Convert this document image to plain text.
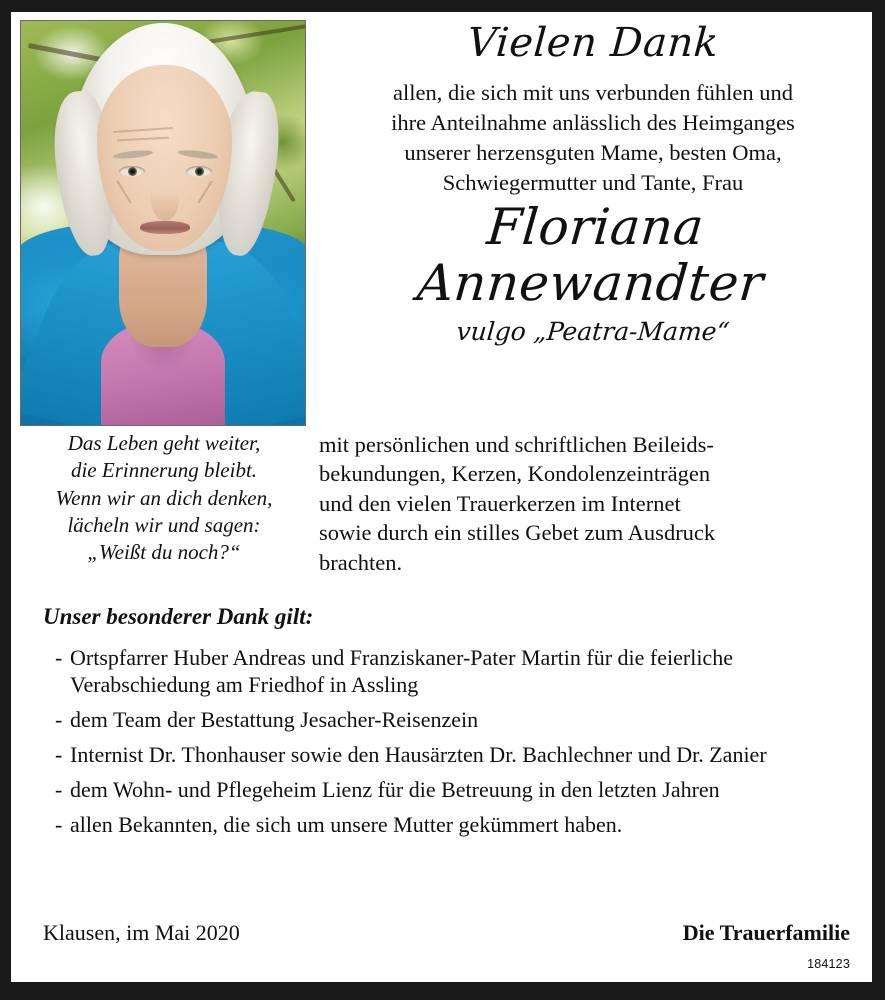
Vielen Dank
allen, die sich mit uns verbunden fühlen und
ihre Anteilnahme anlässlich des Heimganges
unserer herzensguten Mame, besten Oma,
Schwiegermutter und Tante, Frau
Floriana
Annewandter
vulgo „Peatra-Mame“
Das Leben geht weiter,
die Erinnerung bleibt.
Wenn wir an dich denken,
lächeln wir und sagen:
„Weißt du noch?“
mit persönlichen und schriftlichen Beileids-
bekundungen, Kerzen, Kondolenzeinträgen
und den vielen Trauerkerzen im Internet
sowie durch ein stilles Gebet zum Ausdruck
brachten.
Unser besonderer Dank gilt:
- Ortspfarrer Huber Andreas und Franziskaner-Pater Martin für die feierliche Verabschiedung am Friedhof in Assling
- dem Team der Bestattung Jesacher-Reisenzein
- Internist Dr. Thonhauser sowie den Hausärzten Dr. Bachlechner und Dr. Zanier
- dem Wohn- und Pflegeheim Lienz für die Betreuung in den letzten Jahren
- allen Bekannten, die sich um unsere Mutter gekümmert haben.
Klausen, im Mai 2020	Die Trauerfamilie
184123
